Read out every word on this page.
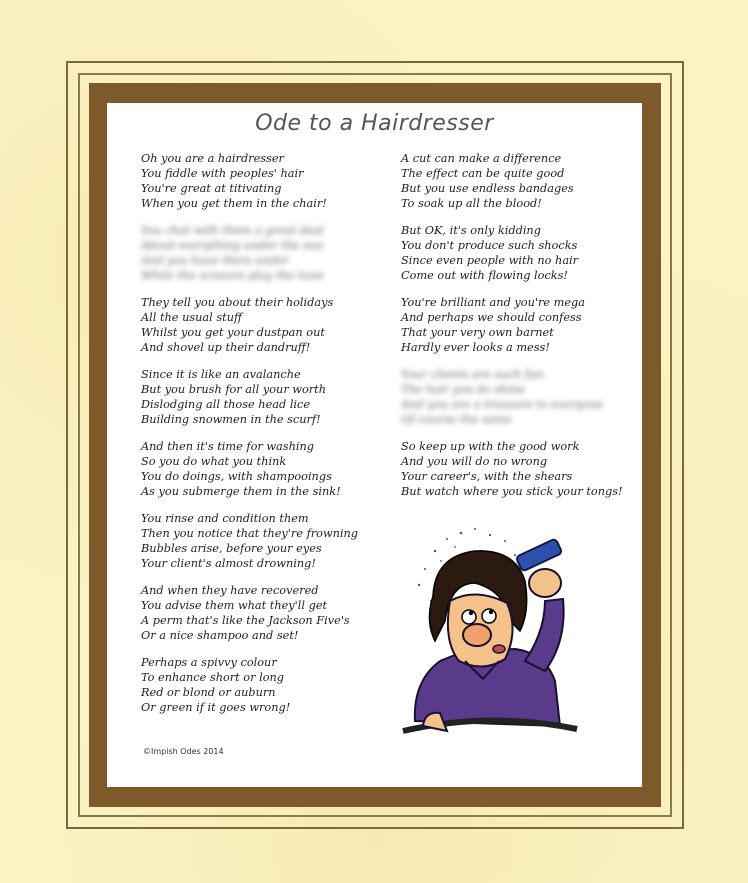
Ode to a Hairdresser
Oh you are a hairdresser
You fiddle with peoples' hair
You're great at titivating
When you get them in the chair!
You chat with them a great deal
About everything under the sun
And you have them under
While the scissors play the tune
They tell you about their holidays
All the usual stuff
Whilst you get your dustpan out
And shovel up their dandruff!
Since it is like an avalanche
But you brush for all your worth
Dislodging all those head lice
Building snowmen in the scurf!
And then it's time for washing
So you do what you think
You do doings, with shampooings
As you submerge them in the sink!
You rinse and condition them
Then you notice that they're frowning
Bubbles arise, before your eyes
Your client's almost drowning!
And when they have recovered
You advise them what they'll get
A perm that's like the Jackson Five's
Or a nice shampoo and set!
Perhaps a spivvy colour
To enhance short or long
Red or blond or auburn
Or green if it goes wrong!
A cut can make a difference
The effect can be quite good
But you use endless bandages
To soak up all the blood!
But OK, it's only kidding
You don't produce such shocks
Since even people with no hair
Come out with flowing locks!
You're brilliant and you're mega
And perhaps we should confess
That your very own barnet
Hardly ever looks a mess!
Your clients are such fun
The hair you do shine
And you are a treasure to everyone
Of course the same
So keep up with the good work
And you will do no wrong
Your career's, with the shears
But watch where you stick your tongs!
©Impish Odes 2014
